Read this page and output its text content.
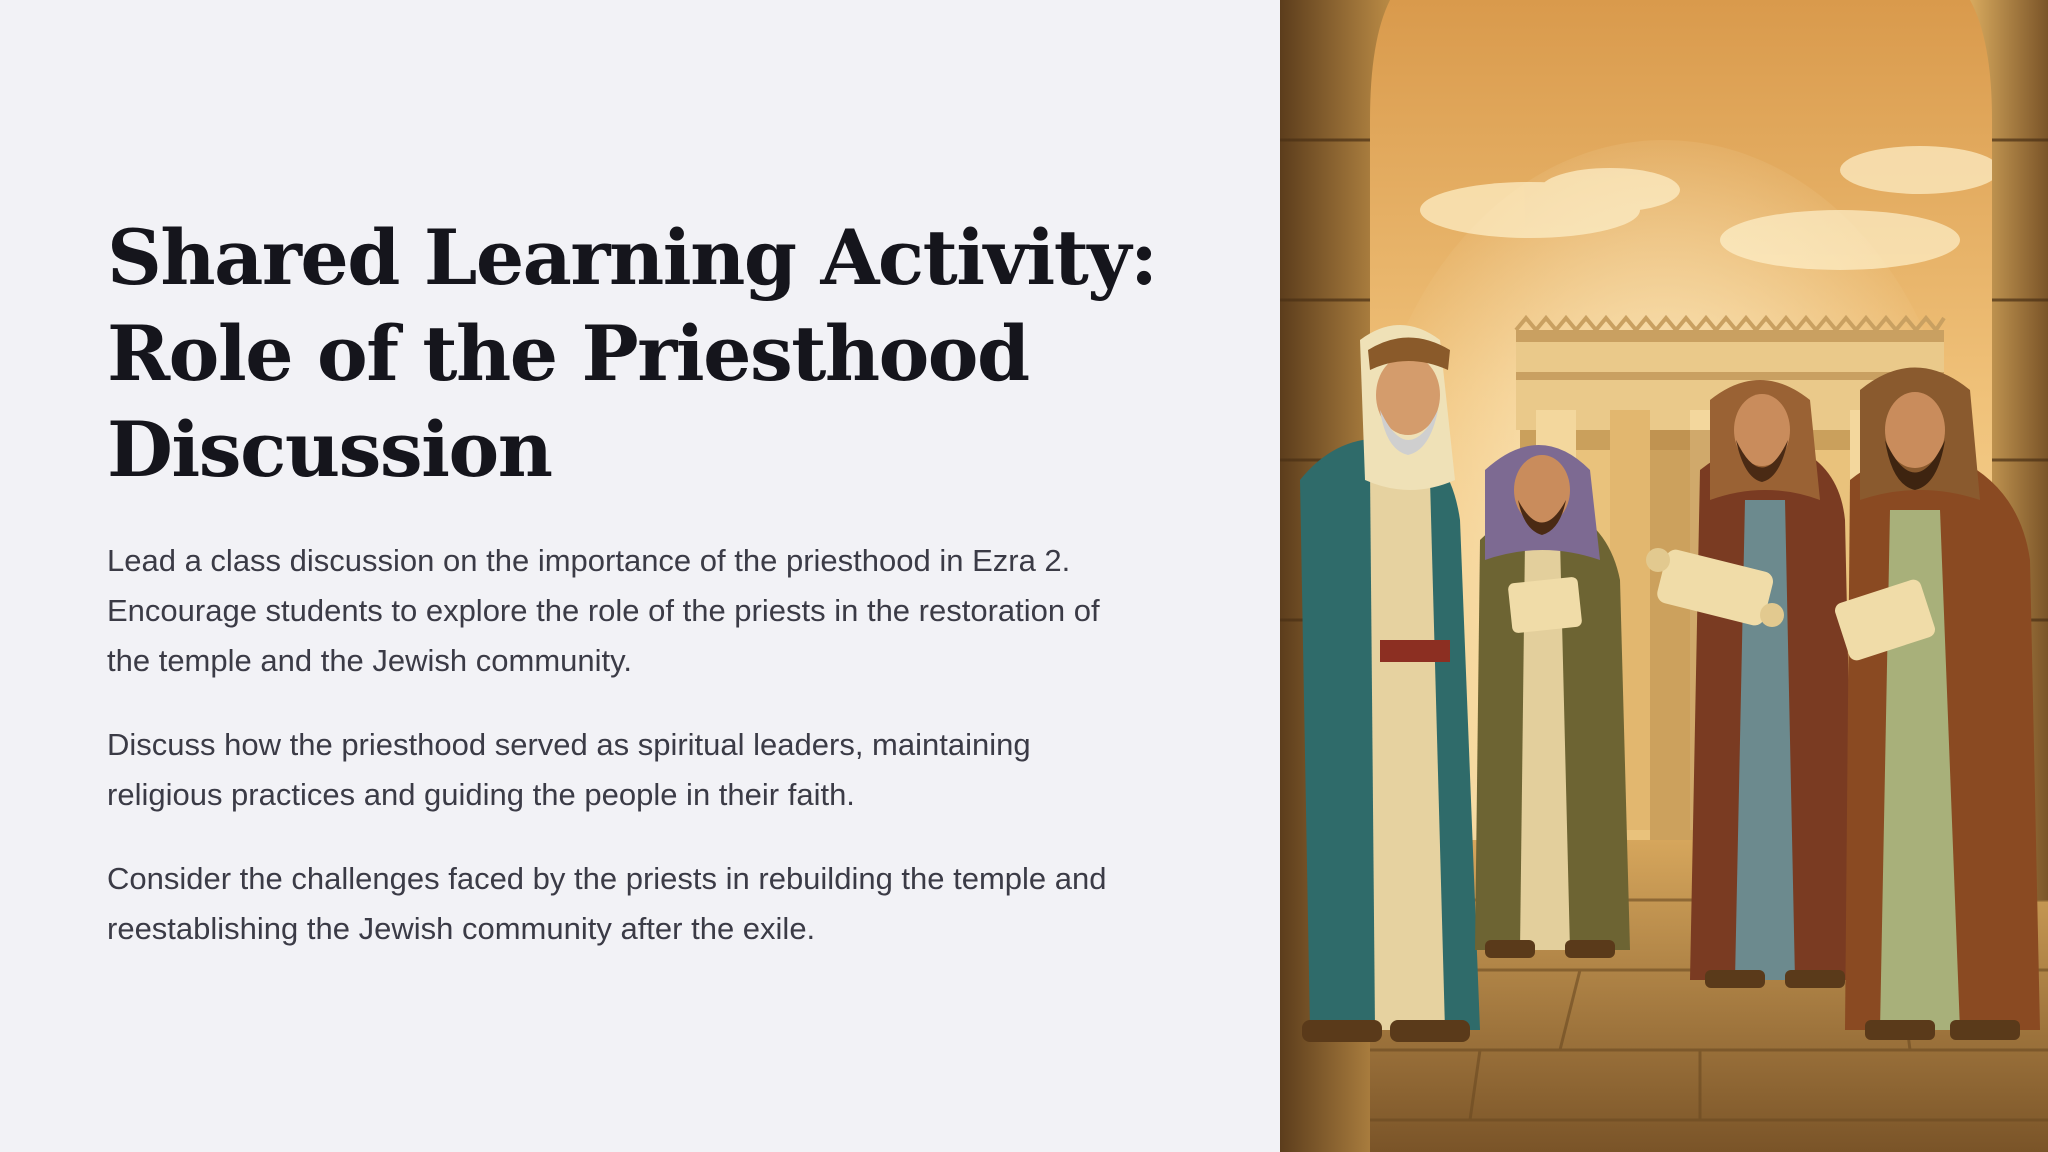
Shared Learning Activity:
Role of the Priesthood
Discussion

Lead a class discussion on the importance of the priesthood in Ezra 2.
Encourage students to explore the role of the priests in the restoration of
the temple and the Jewish community.

Discuss how the priesthood served as spiritual leaders, maintaining
religious practices and guiding the people in their faith.

Consider the challenges faced by the priests in rebuilding the temple and
reestablishing the Jewish community after the exile.
